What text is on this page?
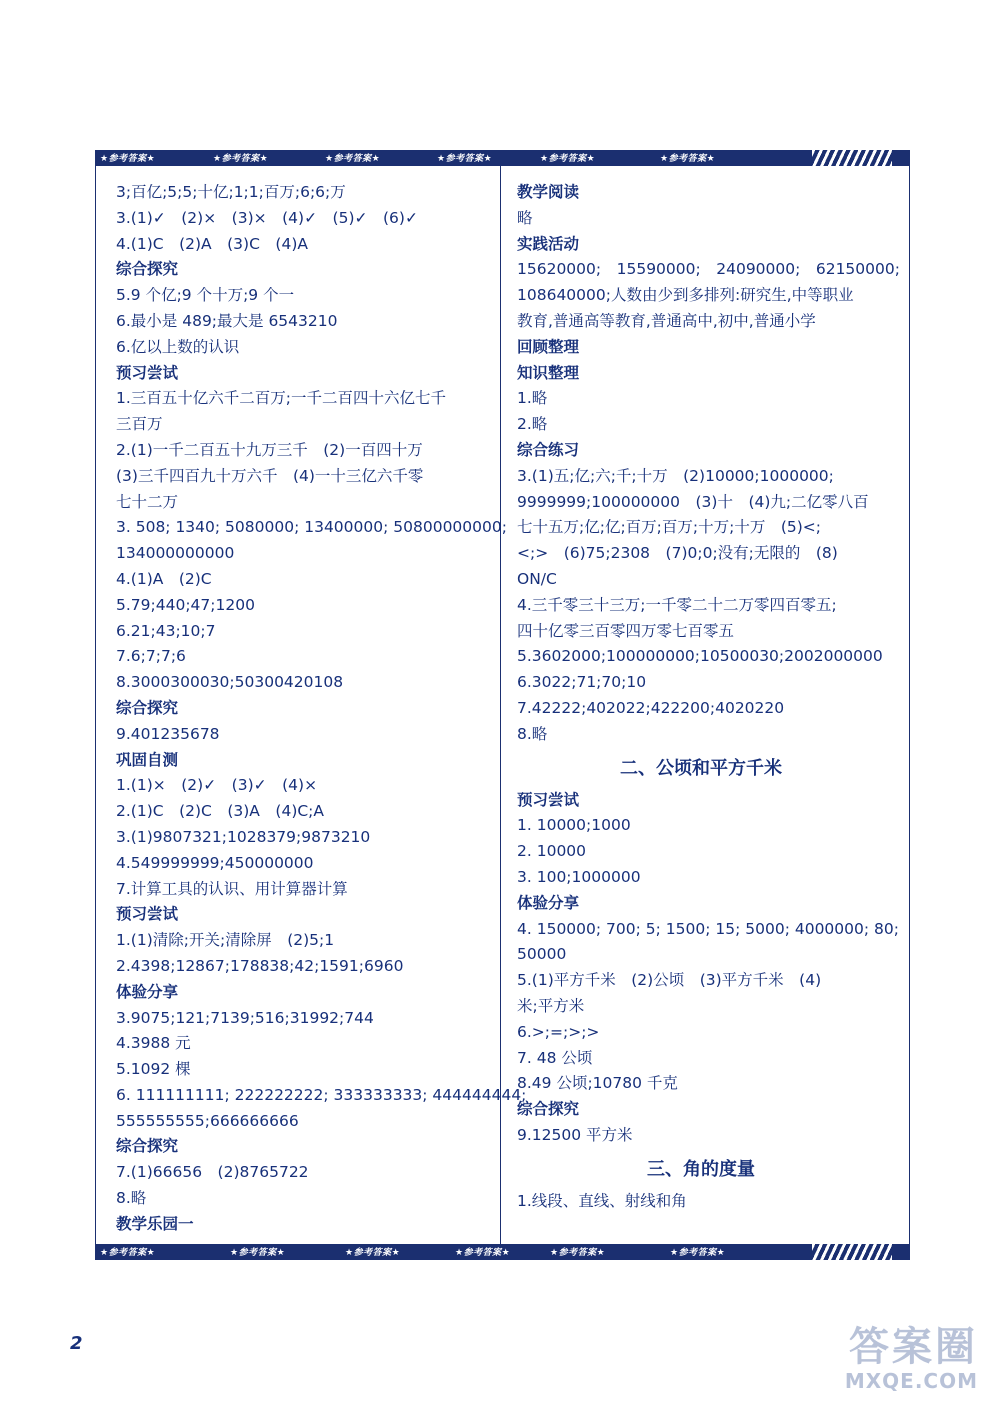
★参考答案★	★参考答案★	★参考答案★	★参考答案★	★参考答案★	★参考答案★
3;百亿;5;5;十亿;1;1;百万;6;6;万
3.(1)✓　(2)×　(3)×　(4)✓　(5)✓　(6)✓
4.(1)C　(2)A　(3)C　(4)A
综合探究
5.9 个亿;9 个十万;9 个一
6.最小是 489;最大是 6543210
6.亿以上数的认识
预习尝试
1.三百五十亿六千二百万;一千二百四十六亿七千
三百万
2.(1)一千二百五十九万三千　(2)一百四十万
(3)三千四百九十万六千　(4)一十三亿六千零
七十二万
3. 508; 1340; 5080000; 13400000; 50800000000;
134000000000
4.(1)A　(2)C
5.79;440;47;1200
6.21;43;10;7
7.6;7;7;6
8.3000300030;50300420108
综合探究
9.401235678
巩固自测
1.(1)×　(2)✓　(3)✓　(4)×
2.(1)C　(2)C　(3)A　(4)C;A
3.(1)9807321;1028379;9873210
4.549999999;450000000
7.计算工具的认识、用计算器计算
预习尝试
1.(1)清除;开关;清除屏　(2)5;1
2.4398;12867;178838;42;1591;6960
体验分享
3.9075;121;7139;516;31992;744
4.3988 元
5.1092 棵
6. 111111111; 222222222; 333333333; 444444444;
555555555;666666666
综合探究
7.(1)66656　(2)8765722
8.略
教学乐园一
教学阅读
略
实践活动
15620000;　15590000;　24090000;　62150000;
108640000;人数由少到多排列:研究生,中等职业
教育,普通高等教育,普通高中,初中,普通小学
回顾整理
知识整理
1.略
2.略
综合练习
3.(1)五;亿;六;千;十万　(2)10000;1000000;
9999999;100000000　(3)十　(4)九;二亿零八百
七十五万;亿;亿;百万;百万;十万;十万　(5)<;
<;>　(6)75;2308　(7)0;0;没有;无限的　(8)
ON/C
4.三千零三十三万;一千零二十二万零四百零五;
四十亿零三百零四万零七百零五
5.3602000;100000000;10500030;2002000000
6.3022;71;70;10
7.42222;402022;422200;4020220
8.略
二、公顷和平方千米
预习尝试
1. 10000;1000
2. 10000
3. 100;1000000
体验分享
4. 150000; 700; 5; 1500; 15; 5000; 4000000; 80;
50000
5.(1)平方千米　(2)公顷　(3)平方千米　(4)
米;平方米
6.>;=;>;>
7. 48 公顷
8.49 公顷;10780 千克
综合探究
9.12500 平方米
三、角的度量
1.线段、直线、射线和角
★参考答案★	★参考答案★	★参考答案★	★参考答案★	★参考答案★	★参考答案★
2	答案圈
MXQE.COM
